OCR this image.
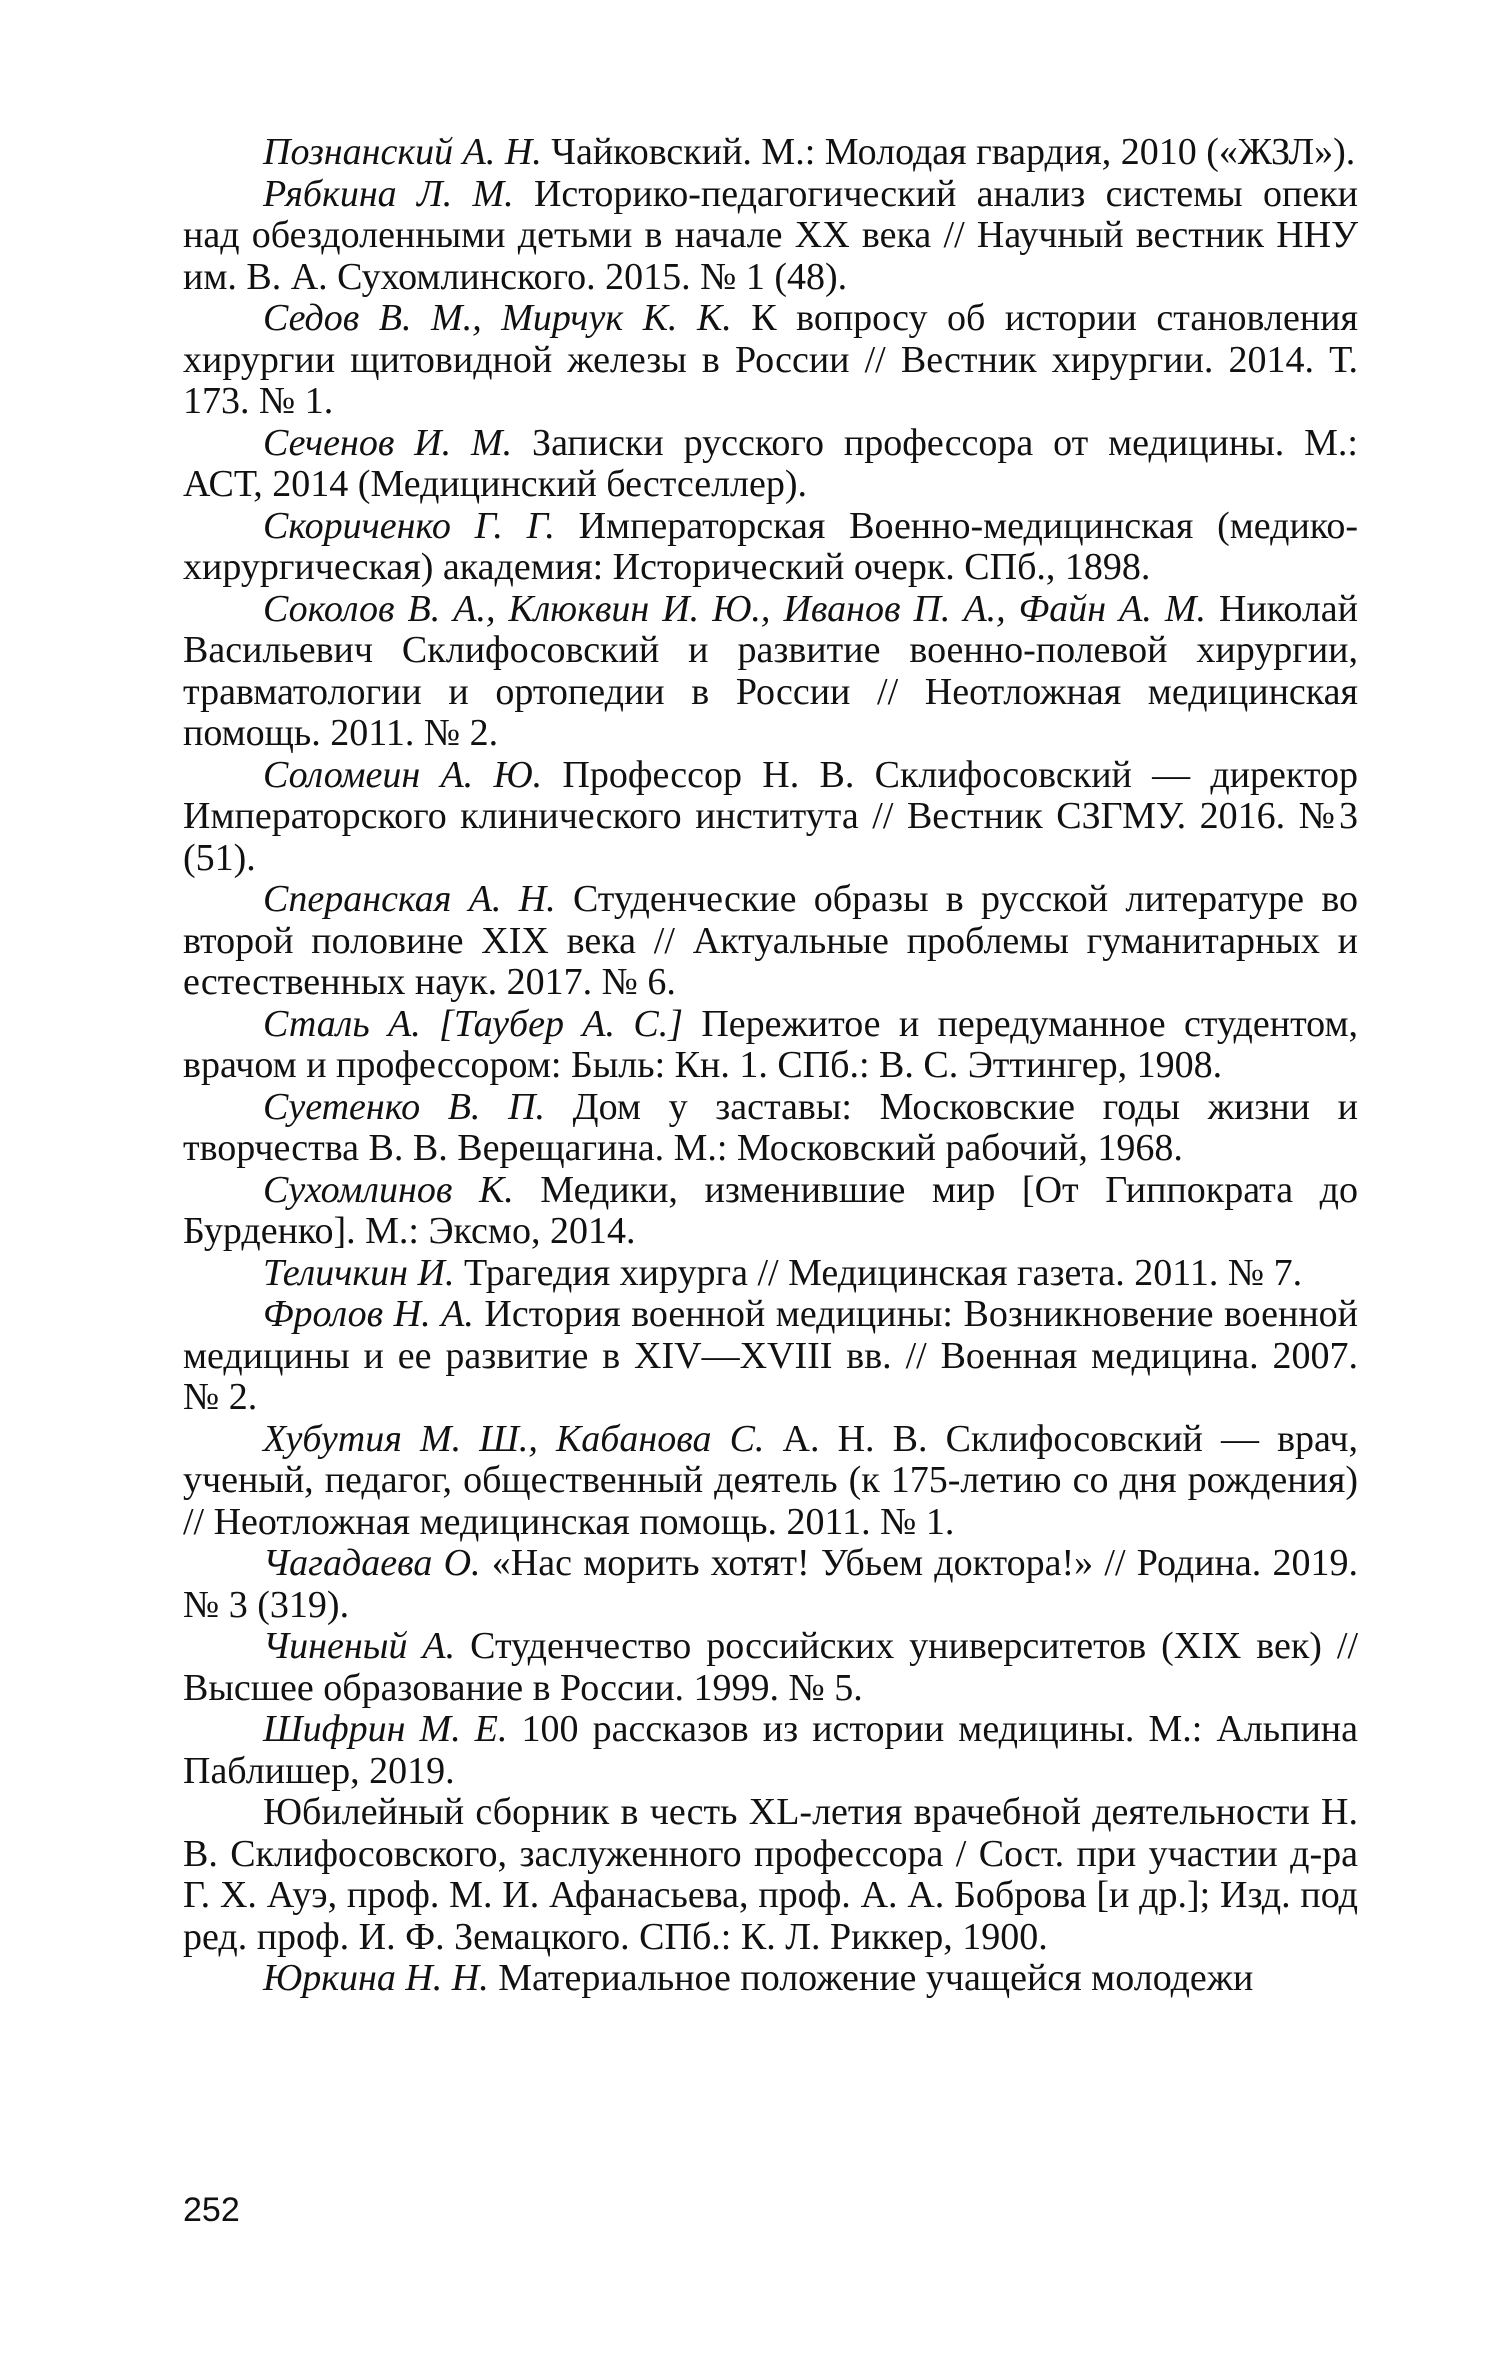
Познанский А. Н. Чайковский. М.: Молодая гвардия, 2010 («ЖЗЛ»).

Рябкина Л. М. Историко-педагогический анализ системы опеки над обездоленными детьми в начале XX века // Научный вестник ННУ им. В. А. Сухомлинского. 2015. № 1 (48).

Седов В. М., Мирчук К. К. К вопросу об истории становления хирургии щитовидной железы в России // Вестник хирургии. 2014. Т. 173. № 1.

Сеченов И. М. Записки русского профессора от медицины. М.: АСТ, 2014 (Медицинский бестселлер).

Скориченко Г. Г. Императорская Военно-медицинская (медико-хирургическая) академия: Исторический очерк. СПб., 1898.

Соколов В. А., Клюквин И. Ю., Иванов П. А., Файн А. М. Николай Васильевич Склифосовский и развитие военно-полевой хирургии, травматологии и ортопедии в России // Неотложная медицинская помощь. 2011. № 2.

Соломеин А. Ю. Профессор Н. В. Склифосовский — директор Императорского клинического института // Вестник СЗГМУ. 2016. №3 (51).

Сперанская А. Н. Студенческие образы в русской литературе во второй половине XIX века // Актуальные проблемы гуманитарных и естественных наук. 2017. № 6.

Сталь А. [Таубер А. С.] Пережитое и передуманное студентом, врачом и профессором: Быль: Кн. 1. СПб.: В. С. Эттингер, 1908.

Суетенко В. П. Дом у заставы: Московские годы жизни и творчества В. В. Верещагина. М.: Московский рабочий, 1968.

Сухомлинов К. Медики, изменившие мир [От Гиппократа до Бурденко]. М.: Эксмо, 2014.

Теличкин И. Трагедия хирурга // Медицинская газета. 2011. № 7.

Фролов Н. А. История военной медицины: Возникновение военной медицины и ее развитие в XIV—XVIII вв. // Военная медицина. 2007. № 2.

Хубутия М. Ш., Кабанова С. А. Н. В. Склифосовский — врач, ученый, педагог, общественный деятель (к 175-летию со дня рождения) // Неотложная медицинская помощь. 2011. № 1.

Чагадаева О. «Нас морить хотят! Убьем доктора!» // Родина. 2019. № 3 (319).

Чиненый А. Студенчество российских университетов (XIX век) // Высшее образование в России. 1999. № 5.

Шифрин М. Е. 100 рассказов из истории медицины. М.: Альпина Паблишер, 2019.

Юбилейный сборник в честь XL-летия врачебной деятельности Н. В. Склифосовского, заслуженного профессора / Сост. при участии д-ра Г. Х. Ауэ, проф. М. И. Афанасьева, проф. А. А. Боброва [и др.]; Изд. под ред. проф. И. Ф. Земацкого. СПб.: К. Л. Риккер, 1900.

Юркина Н. Н. Материальное положение учащейся молодежи

252
